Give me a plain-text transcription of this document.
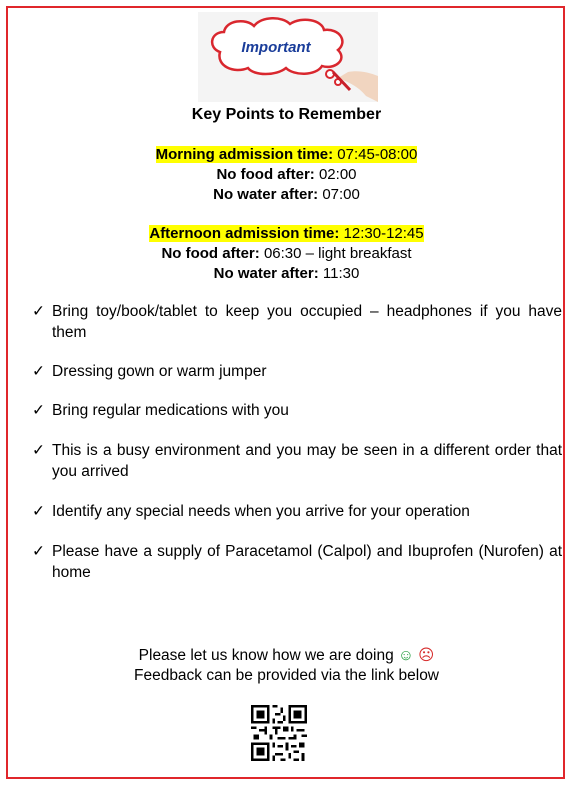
Important
Key Points to Remember
Morning admission time: 07:45-08:00
No food after: 02:00
No water after: 07:00
Afternoon admission time: 12:30-12:45
No food after: 06:30 – light breakfast
No water after: 11:30
✓ Bring toy/book/tablet to keep you occupied – headphones if you have them
✓ Dressing gown or warm jumper
✓ Bring regular medications with you
✓ This is a busy environment and you may be seen in a different order that you arrived
✓ Identify any special needs when you arrive for your operation
✓ Please have a supply of Paracetamol (Calpol) and Ibuprofen (Nurofen) at home
Please let us know how we are doing ☺ ☹
Feedback can be provided via the link below
